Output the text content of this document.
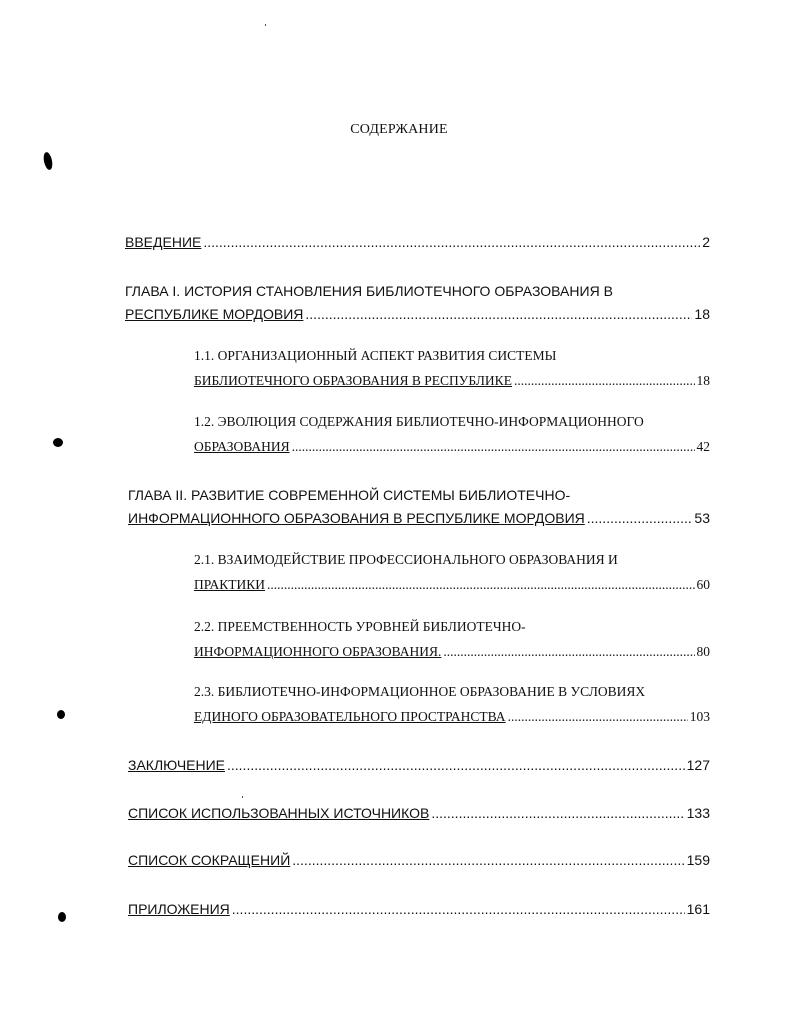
СОДЕРЖАНИЕ
ВВЕДЕНИЕ .....	2
ГЛАВА I. ИСТОРИЯ СТАНОВЛЕНИЯ БИБЛИОТЕЧНОГО ОБРАЗОВАНИЯ В
РЕСПУБЛИКЕ МОРДОВИЯ .....	18
1.1. ОРГАНИЗАЦИОННЫЙ АСПЕКТ РАЗВИТИЯ СИСТЕМЫ
БИБЛИОТЕЧНОГО ОБРАЗОВАНИЯ В РЕСПУБЛИКЕ .....	18
1.2. ЭВОЛЮЦИЯ СОДЕРЖАНИЯ БИБЛИОТЕЧНО-ИНФОРМАЦИОННОГО
ОБРАЗОВАНИЯ .....	42
ГЛАВА II. РАЗВИТИЕ СОВРЕМЕННОЙ СИСТЕМЫ БИБЛИОТЕЧНО-
ИНФОРМАЦИОННОГО ОБРАЗОВАНИЯ В РЕСПУБЛИКЕ МОРДОВИЯ .....	53
2.1. ВЗАИМОДЕЙСТВИЕ ПРОФЕССИОНАЛЬНОГО ОБРАЗОВАНИЯ И
ПРАКТИКИ .....	60
2.2. ПРЕЕМСТВЕННОСТЬ УРОВНЕЙ БИБЛИОТЕЧНО-
ИНФОРМАЦИОННОГО ОБРАЗОВАНИЯ. .....	80
2.3. БИБЛИОТЕЧНО-ИНФОРМАЦИОННОЕ ОБРАЗОВАНИЕ В УСЛОВИЯХ
ЕДИНОГО ОБРАЗОВАТЕЛЬНОГО ПРОСТРАНСТВА .....	103
ЗАКЛЮЧЕНИЕ .....	127
СПИСОК ИСПОЛЬЗОВАННЫХ ИСТОЧНИКОВ .....	133
СПИСОК СОКРАЩЕНИЙ .....	159
ПРИЛОЖЕНИЯ .....	161
